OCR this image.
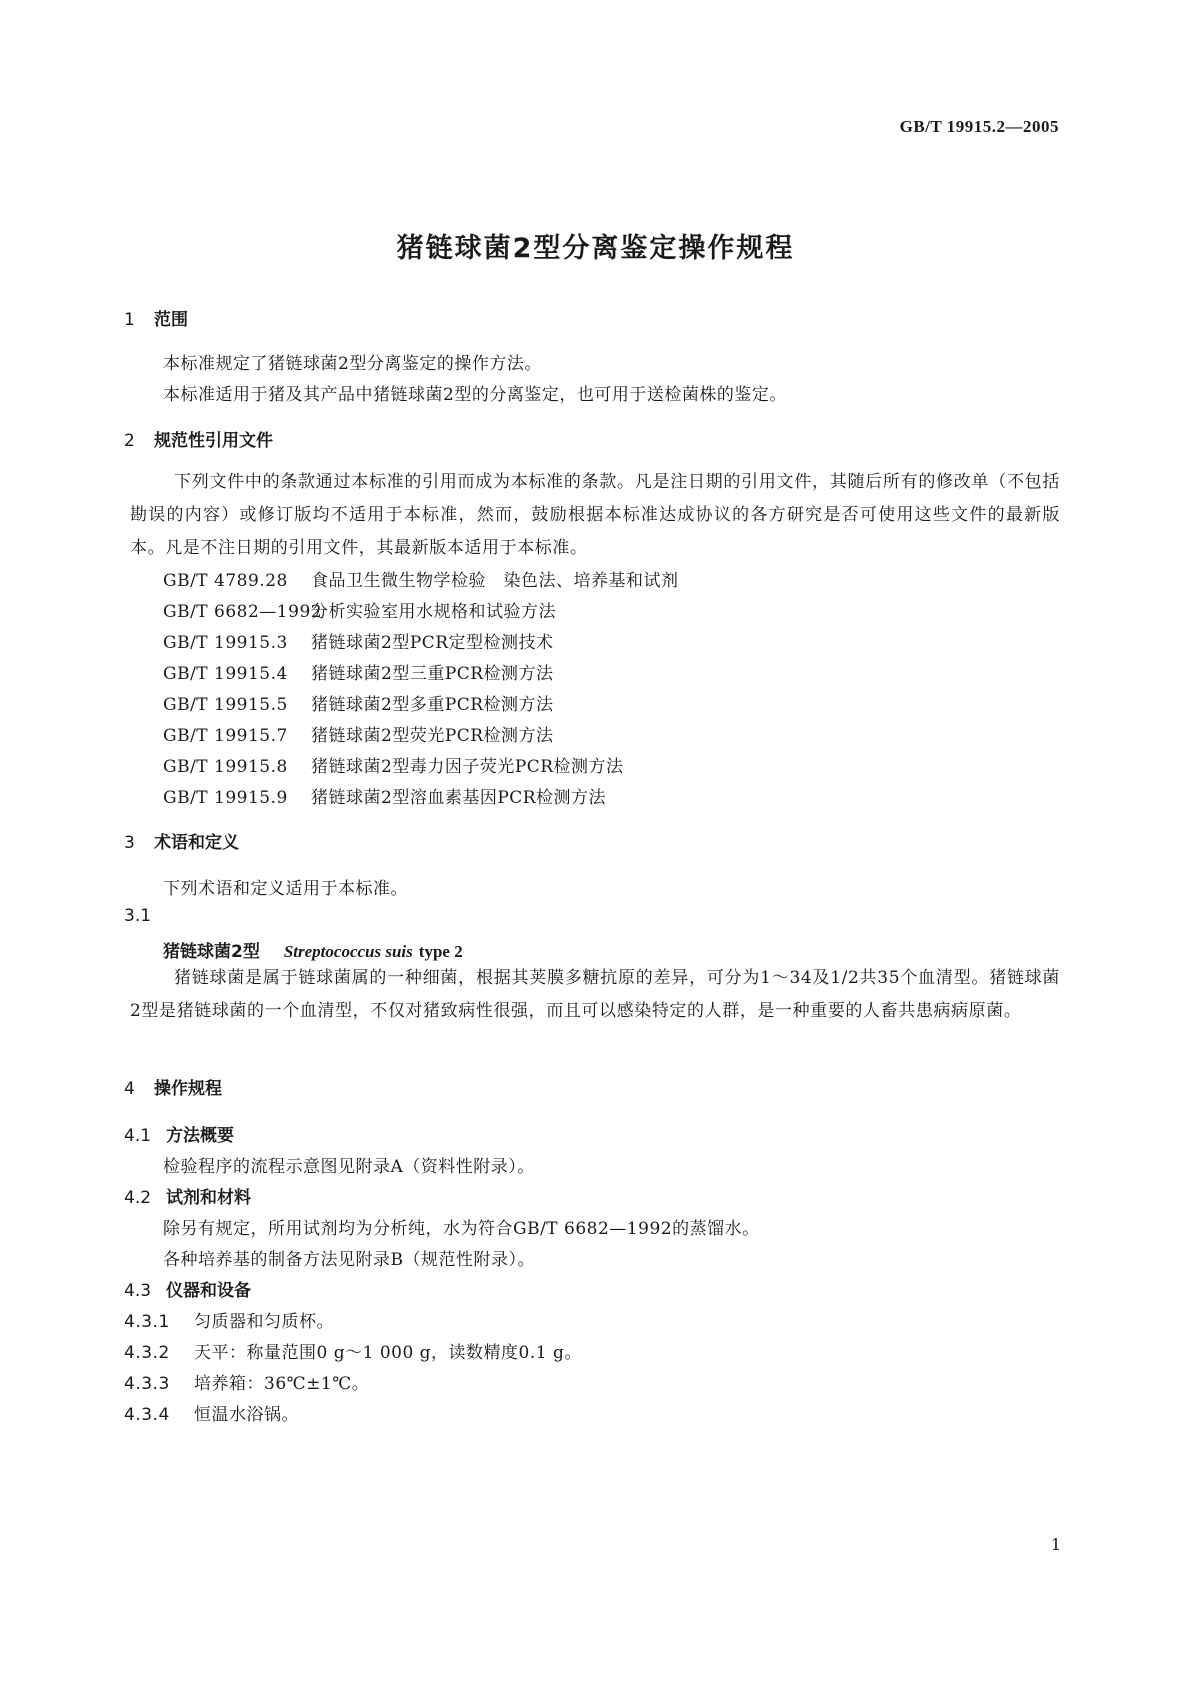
GB/T 19915.2—2005
猪链球菌2型分离鉴定操作规程
1 范围
本标准规定了猪链球菌2型分离鉴定的操作方法。
本标准适用于猪及其产品中猪链球菌2型的分离鉴定，也可用于送检菌株的鉴定。
2 规范性引用文件
下列文件中的条款通过本标准的引用而成为本标准的条款。凡是注日期的引用文件，其随后所有的修改单（不包括勘误的内容）或修订版均不适用于本标准，然而，鼓励根据本标准达成协议的各方研究是否可使用这些文件的最新版本。凡是不注日期的引用文件，其最新版本适用于本标准。
GB/T 4789.28 食品卫生微生物学检验　染色法、培养基和试剂
GB/T 6682—1992分析实验室用水规格和试验方法
GB/T 19915.3 猪链球菌2型PCR定型检测技术
GB/T 19915.4 猪链球菌2型三重PCR检测方法
GB/T 19915.5 猪链球菌2型多重PCR检测方法
GB/T 19915.7 猪链球菌2型荧光PCR检测方法
GB/T 19915.8 猪链球菌2型毒力因子荧光PCR检测方法
GB/T 19915.9 猪链球菌2型溶血素基因PCR检测方法
3 术语和定义
下列术语和定义适用于本标准。
3.1
猪链球菌2型 Streptococcus suis type 2
猪链球菌是属于链球菌属的一种细菌，根据其荚膜多糖抗原的差异，可分为1～34及1/2共35个血清型。猪链球菌2型是猪链球菌的一个血清型，不仅对猪致病性很强，而且可以感染特定的人群，是一种重要的人畜共患病病原菌。
4 操作规程
4.1 方法概要
检验程序的流程示意图见附录A（资料性附录）。
4.2 试剂和材料
除另有规定，所用试剂均为分析纯，水为符合GB/T 6682—1992的蒸馏水。
各种培养基的制备方法见附录B（规范性附录）。
4.3 仪器和设备
4.3.1 匀质器和匀质杯。
4.3.2 天平：称量范围0 g～1 000 g，读数精度0.1 g。
4.3.3 培养箱：36℃±1℃。
4.3.4 恒温水浴锅。
1
